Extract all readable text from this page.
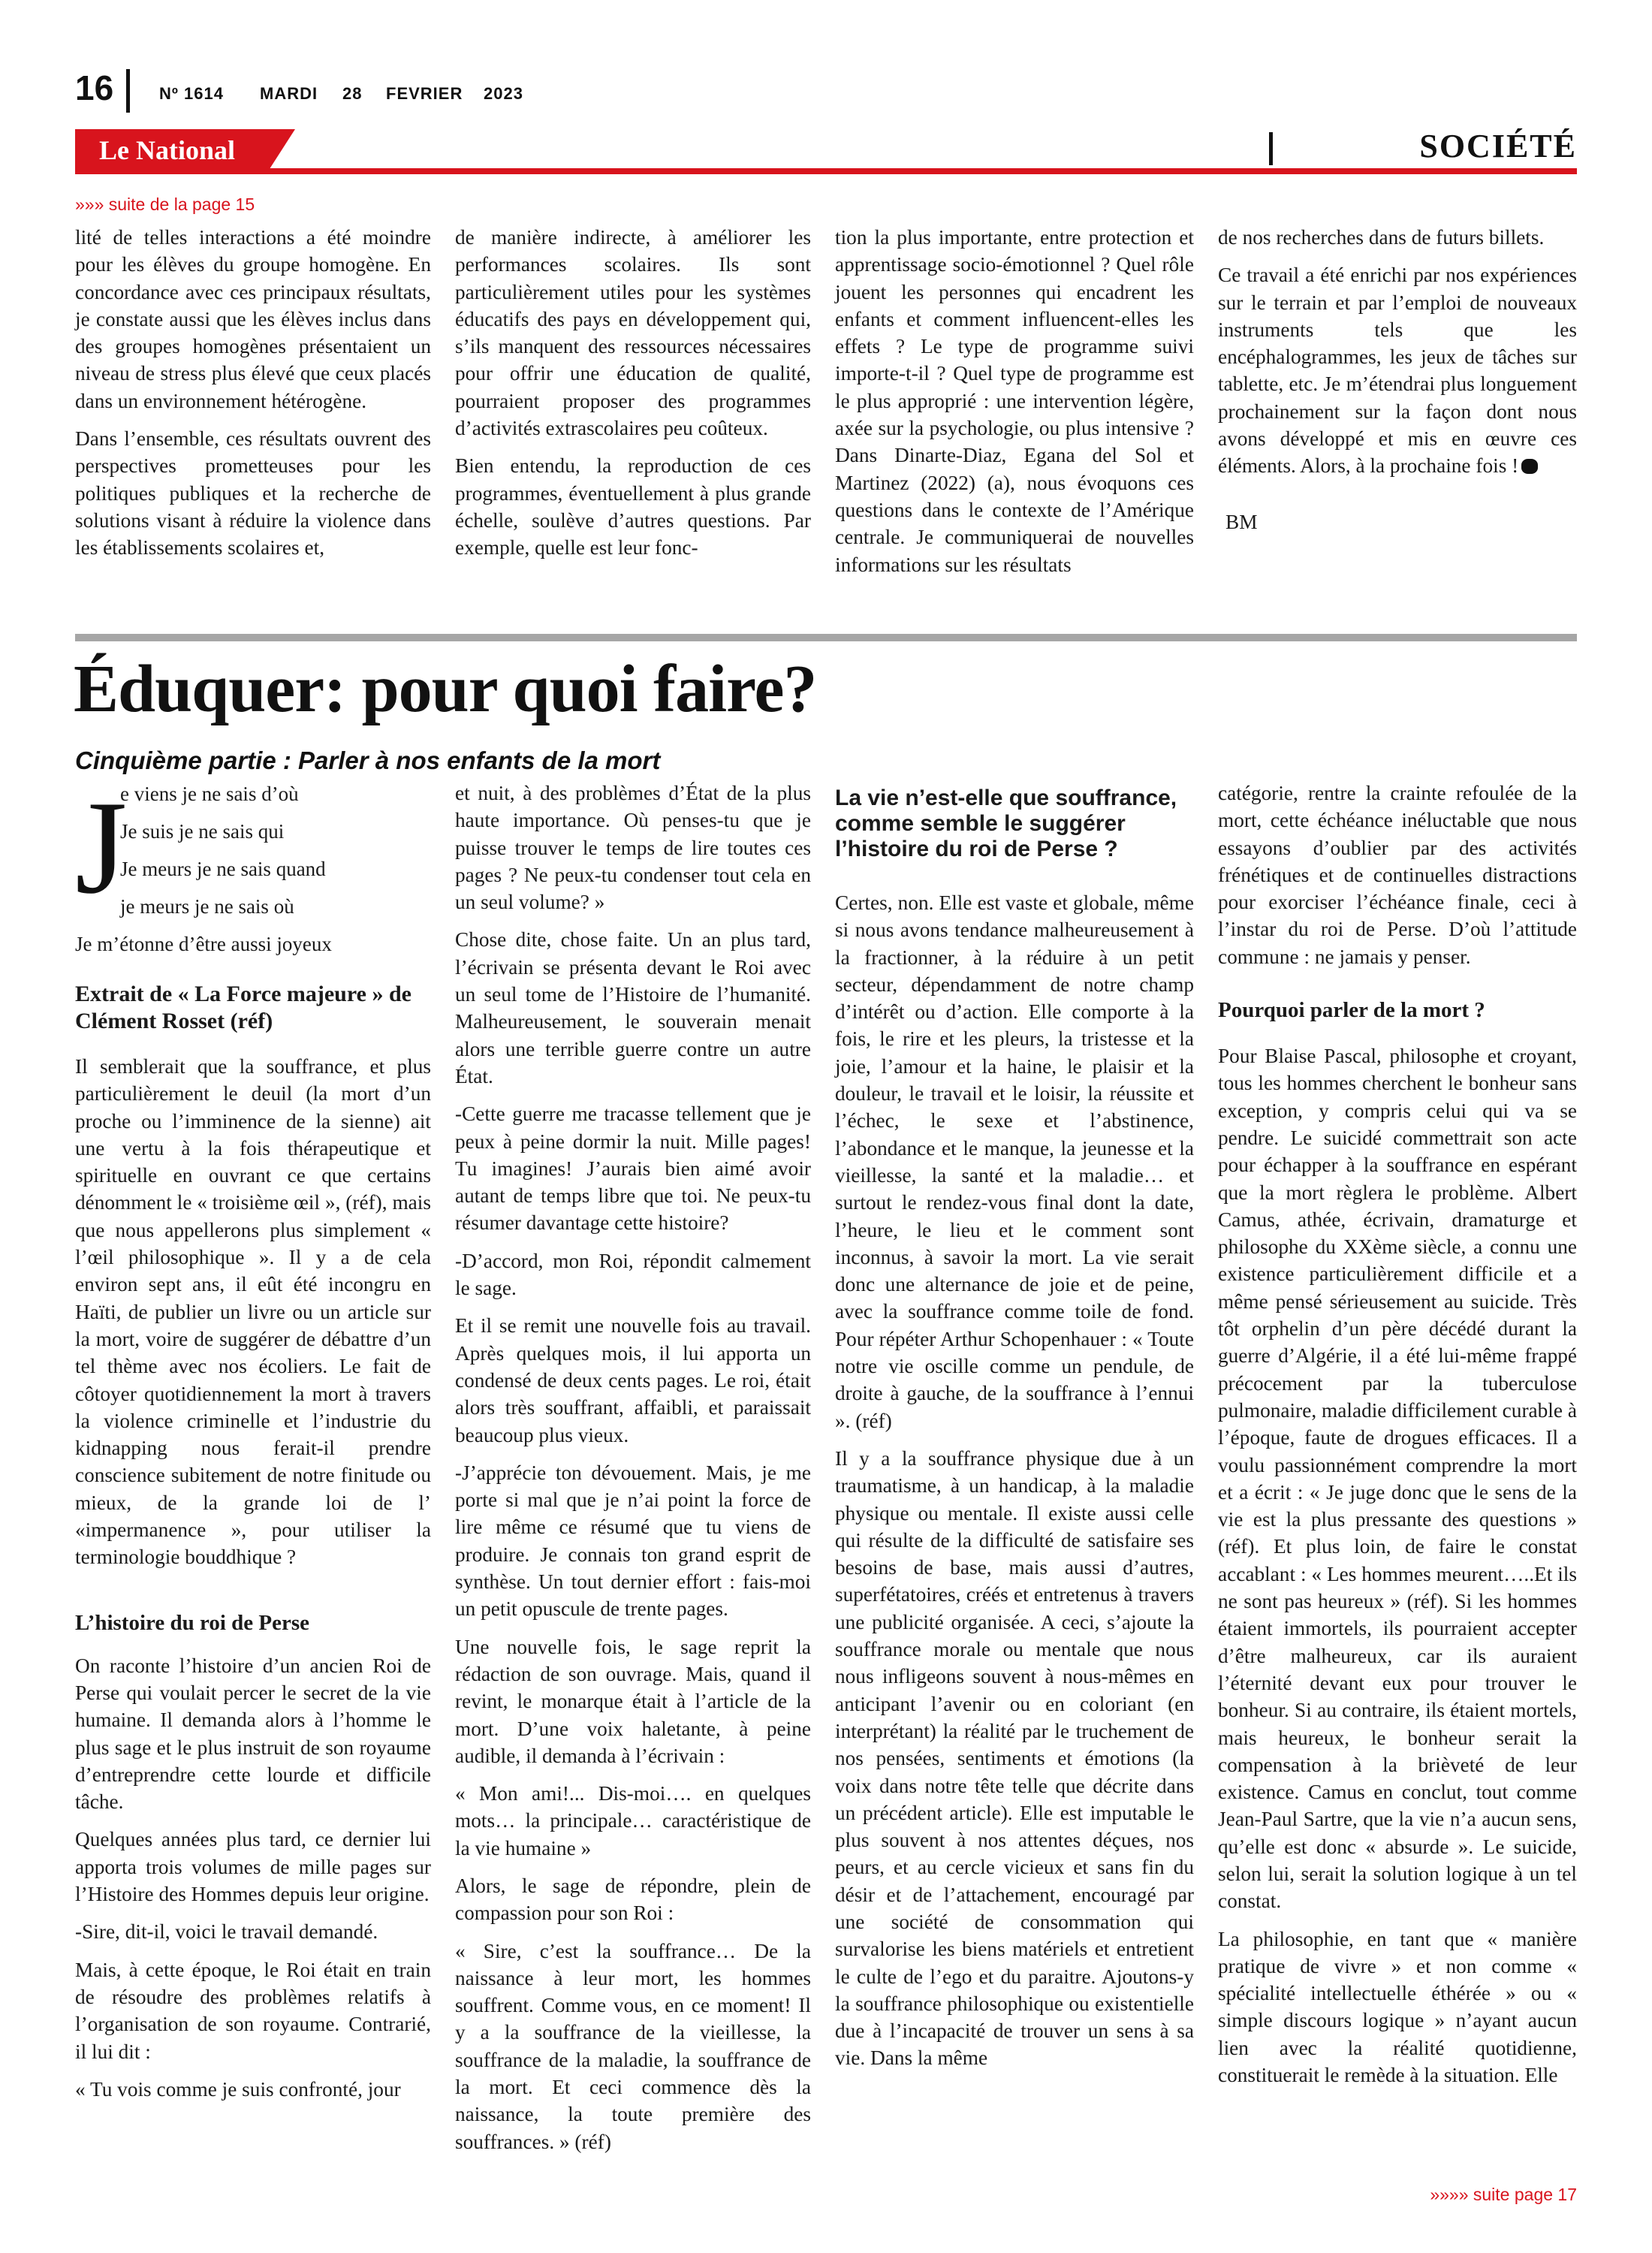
16	Nº 1614 MARDI 28 FEVRIER 2023
Le National	SOCIÉTÉ
»»» suite de la page 15

lité de telles interactions a été moindre pour les élèves du groupe homogène. En concordance avec ces principaux résultats, je constate aussi que les élèves inclus dans des groupes homogènes présentaient un niveau de stress plus élevé que ceux placés dans un environnement hétérogène.

Dans l’ensemble, ces résultats ouvrent des perspectives prometteuses pour les politiques publiques et la recherche de solutions visant à réduire la violence dans les établissements scolaires et,

de manière indirecte, à améliorer les performances scolaires. Ils sont particulièrement utiles pour les systèmes éducatifs des pays en développement qui, s’ils manquent des ressources nécessaires pour offrir une éducation de qualité, pourraient proposer des programmes d’activités extrascolaires peu coûteux.

Bien entendu, la reproduction de ces programmes, éventuellement à plus grande échelle, soulève d’autres questions. Par exemple, quelle est leur fonc-

tion la plus importante, entre protection et apprentissage socio-émotionnel ? Quel rôle jouent les personnes qui encadrent les enfants et comment influencent-elles les effets ? Le type de programme suivi importe-t-il ? Quel type de programme est le plus approprié : une intervention légère, axée sur la psychologie, ou plus intensive ? Dans Dinarte-Diaz, Egana del Sol et Martinez (2022) (a), nous évoquons ces questions dans le contexte de l’Amérique centrale. Je communiquerai de nouvelles informations sur les résultats

de nos recherches dans de futurs billets.

Ce travail a été enrichi par nos expériences sur le terrain et par l’emploi de nouveaux instruments tels que les encéphalogrammes, les jeux de tâches sur tablette, etc. Je m’étendrai plus longuement prochainement sur la façon dont nous avons développé et mis en œuvre ces éléments. Alors, à la prochaine fois !

BM

Éduquer: pour quoi faire?
Cinquième partie : Parler à nos enfants de la mort
J
e viens je ne sais d’où
Je suis je ne sais qui
Je meurs je ne sais quand
je meurs je ne sais où
Je m’étonne d’être aussi joyeux
Extrait de « La Force majeure » de Clément Rosset (réf)

Il semblerait que la souffrance, et plus particulièrement le deuil (la mort d’un proche ou l’imminence de la sienne) ait une vertu à la fois thérapeutique et spirituelle en ouvrant ce que certains dénomment le « troisième œil », (réf), mais que nous appellerons plus simplement « l’œil philosophique ». Il y a de cela environ sept ans, il eût été incongru en Haïti, de publier un livre ou un article sur la mort, voire de suggérer de débattre d’un tel thème avec nos écoliers. Le fait de côtoyer quotidiennement la mort à travers la violence criminelle et l’industrie du kidnapping nous ferait-il prendre conscience subitement de notre finitude ou mieux, de la grande loi de l’ «impermanence », pour utiliser la terminologie bouddhique ?

L’histoire du roi de Perse

On raconte l’histoire d’un ancien Roi de Perse qui voulait percer le secret de la vie humaine. Il demanda alors à l’homme le plus sage et le plus instruit de son royaume d’entreprendre cette lourde et difficile tâche.

Quelques années plus tard, ce dernier lui apporta trois volumes de mille pages sur l’Histoire des Hommes depuis leur origine.

-Sire, dit-il, voici le travail demandé.

Mais, à cette époque, le Roi était en train de résoudre des problèmes relatifs à l’organisation de son royaume. Contrarié, il lui dit :

« Tu vois comme je suis confronté, jour

et nuit, à des problèmes d’État de la plus haute importance. Où penses-tu que je puisse trouver le temps de lire toutes ces pages ? Ne peux-tu condenser tout cela en un seul volume? »

Chose dite, chose faite. Un an plus tard, l’écrivain se présenta devant le Roi avec un seul tome de l’Histoire de l’humanité. Malheureusement, le souverain menait alors une terrible guerre contre un autre État.

-Cette guerre me tracasse tellement que je peux à peine dormir la nuit. Mille pages! Tu imagines! J’aurais bien aimé avoir autant de temps libre que toi. Ne peux-tu résumer davantage cette histoire?

-D’accord, mon Roi, répondit calmement le sage.

Et il se remit une nouvelle fois au travail. Après quelques mois, il lui apporta un condensé de deux cents pages. Le roi, était alors très souffrant, affaibli, et paraissait beaucoup plus vieux.

-J’apprécie ton dévouement. Mais, je me porte si mal que je n’ai point la force de lire même ce résumé que tu viens de produire. Je connais ton grand esprit de synthèse. Un tout dernier effort : fais-moi un petit opuscule de trente pages.

Une nouvelle fois, le sage reprit la rédaction de son ouvrage. Mais, quand il revint, le monarque était à l’article de la mort. D’une voix haletante, à peine audible, il demanda à l’écrivain :

« Mon ami!... Dis-moi…. en quelques mots… la principale… caractéristique de la vie humaine »

Alors, le sage de répondre, plein de compassion pour son Roi :

« Sire, c’est la souffrance… De la naissance à leur mort, les hommes souffrent. Comme vous, en ce moment! Il y a la souffrance de la vieillesse, la souffrance de la maladie, la souffrance de la mort. Et ceci commence dès la naissance, la toute première des souffrances. » (réf)

La vie n’est-elle que souffrance, comme semble le suggérer l’histoire du roi de Perse ?

Certes, non. Elle est vaste et globale, même si nous avons tendance malheureusement à la fractionner, à la réduire à un petit secteur, dépendamment de notre champ d’intérêt ou d’action. Elle comporte à la fois, le rire et les pleurs, la tristesse et la joie, l’amour et la haine, le plaisir et la douleur, le travail et le loisir, la réussite et l’échec, le sexe et l’abstinence, l’abondance et le manque, la jeunesse et la vieillesse, la santé et la maladie… et surtout le rendez-vous final dont la date, l’heure, le lieu et le comment sont inconnus, à savoir la mort. La vie serait donc une alternance de joie et de peine, avec la souffrance comme toile de fond. Pour répéter Arthur Schopenhauer : « Toute notre vie oscille comme un pendule, de droite à gauche, de la souffrance à l’ennui ». (réf)

Il y a la souffrance physique due à un traumatisme, à un handicap, à la maladie physique ou mentale. Il existe aussi celle qui résulte de la difficulté de satisfaire ses besoins de base, mais aussi d’autres, superfétatoires, créés et entretenus à travers une publicité organisée. A ceci, s’ajoute la souffrance morale ou mentale que nous nous infligeons souvent à nous-mêmes en anticipant l’avenir ou en coloriant (en interprétant) la réalité par le truchement de nos pensées, sentiments et émotions (la voix dans notre tête telle que décrite dans un précédent article). Elle est imputable le plus souvent à nos attentes déçues, nos peurs, et au cercle vicieux et sans fin du désir et de l’attachement, encouragé par une société de consommation qui survalorise les biens matériels et entretient le culte de l’ego et du paraitre. Ajoutons-y la souffrance philosophique ou existentielle due à l’incapacité de trouver un sens à sa vie. Dans la même

catégorie, rentre la crainte refoulée de la mort, cette échéance inéluctable que nous essayons d’oublier par des activités frénétiques et de continuelles distractions pour exorciser l’échéance finale, ceci à l’instar du roi de Perse. D’où l’attitude commune : ne jamais y penser.

Pourquoi parler de la mort ?

Pour Blaise Pascal, philosophe et croyant, tous les hommes cherchent le bonheur sans exception, y compris celui qui va se pendre. Le suicidé commettrait son acte pour échapper à la souffrance en espérant que la mort règlera le problème. Albert Camus, athée, écrivain, dramaturge et philosophe du XXème siècle, a connu une existence particulièrement difficile et a même pensé sérieusement au suicide. Très tôt orphelin d’un père décédé durant la guerre d’Algérie, il a été lui-même frappé précocement par la tuberculose pulmonaire, maladie difficilement curable à l’époque, faute de drogues efficaces. Il a voulu passionnément comprendre la mort et a écrit : « Je juge donc que le sens de la vie est la plus pressante des questions » (réf). Et plus loin, de faire le constat accablant : « Les hommes meurent…..Et ils ne sont pas heureux » (réf). Si les hommes étaient immortels, ils pourraient accepter d’être malheureux, car ils auraient l’éternité devant eux pour trouver le bonheur. Si au contraire, ils étaient mortels, mais heureux, le bonheur serait la compensation à la brièveté de leur existence. Camus en conclut, tout comme Jean-Paul Sartre, que la vie n’a aucun sens, qu’elle est donc « absurde ». Le suicide, selon lui, serait la solution logique à un tel constat.

La philosophie, en tant que « manière pratique de vivre » et non comme « spécialité intellectuelle éthérée » ou « simple discours logique » n’ayant aucun lien avec la réalité quotidienne, constituerait le remède à la situation. Elle

»»»» suite page 17
